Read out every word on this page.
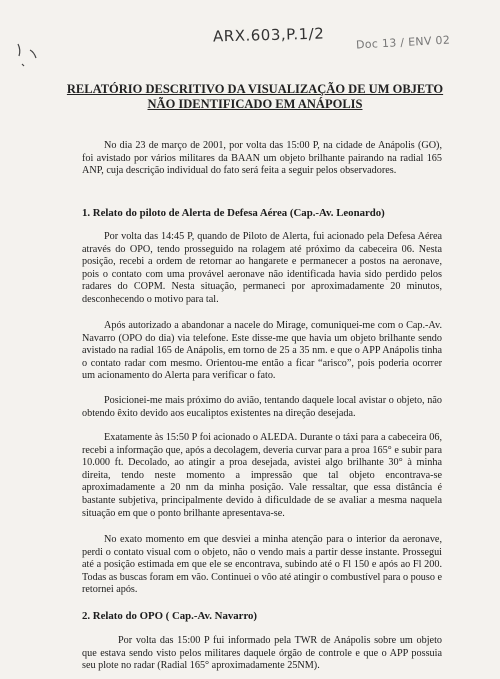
ARX.603,P.1/2	Doc 13 / ENV 02
RELATÓRIO DESCRITIVO DA VISUALIZAÇÃO DE UM OBJETO
NÃO IDENTIFICADO EM ANÁPOLIS

No dia 23 de março de 2001, por volta das 15:00 P, na cidade de Anápolis (GO), foi avistado por vários militares da BAAN um objeto brilhante pairando na radial 165 ANP, cuja descrição individual do fato será feita a seguir pelos observadores.

1. Relato do piloto de Alerta de Defesa Aérea (Cap.-Av. Leonardo)

Por volta das 14:45 P, quando de Piloto de Alerta, fui acionado pela Defesa Aérea através do OPO, tendo prosseguido na rolagem até próximo da cabeceira 06. Nesta posição, recebi a ordem de retornar ao hangarete e permanecer a postos na aeronave, pois o contato com uma provável aeronave não identificada havia sido perdido pelos radares do COPM. Nesta situação, permaneci por aproximadamente 20 minutos, desconhecendo o motivo para tal.

Após autorizado a abandonar a nacele do Mirage, comuniquei-me com o Cap.-Av. Navarro (OPO do dia) via telefone. Este disse-me que havia um objeto brilhante sendo avistado na radial 165 de Anápolis, em torno de 25 a 35 nm. e que o APP Anápolis tinha o contato radar com mesmo. Orientou-me então a ficar “arisco”, pois poderia ocorrer um acionamento do Alerta para verificar o fato.

Posicionei-me mais próximo do avião, tentando daquele local avistar o objeto, não obtendo êxito devido aos eucaliptos existentes na direção desejada.

Exatamente às 15:50 P foi acionado o ALEDA. Durante o táxi para a cabeceira 06, recebi a informação que, após a decolagem, deveria curvar para a proa 165° e subir para 10.000 ft. Decolado, ao atingir a proa desejada, avistei algo brilhante 30° à minha direita, tendo neste momento a impressão que tal objeto encontrava-se aproximadamente a 20 nm da minha posição. Vale ressaltar, que essa distância é bastante subjetiva, principalmente devido à dificuldade de se avaliar a mesma naquela situação em que o ponto brilhante apresentava-se.

No exato momento em que desviei a minha atenção para o interior da aeronave, perdi o contato visual com o objeto, não o vendo mais a partir desse instante. Prossegui até a posição estimada em que ele se encontrava, subindo até o Fl 150 e após ao Fl 200. Todas as buscas foram em vão. Continuei o vôo até atingir o combustível para o pouso e retornei após.

2. Relato do OPO ( Cap.-Av. Navarro)

Por volta das 15:00 P fui informado pela TWR de Anápolis sobre um objeto que estava sendo visto pelos militares daquele órgão de controle e que o APP possuia seu plote no radar (Radial 165° aproximadamente 25NM).
